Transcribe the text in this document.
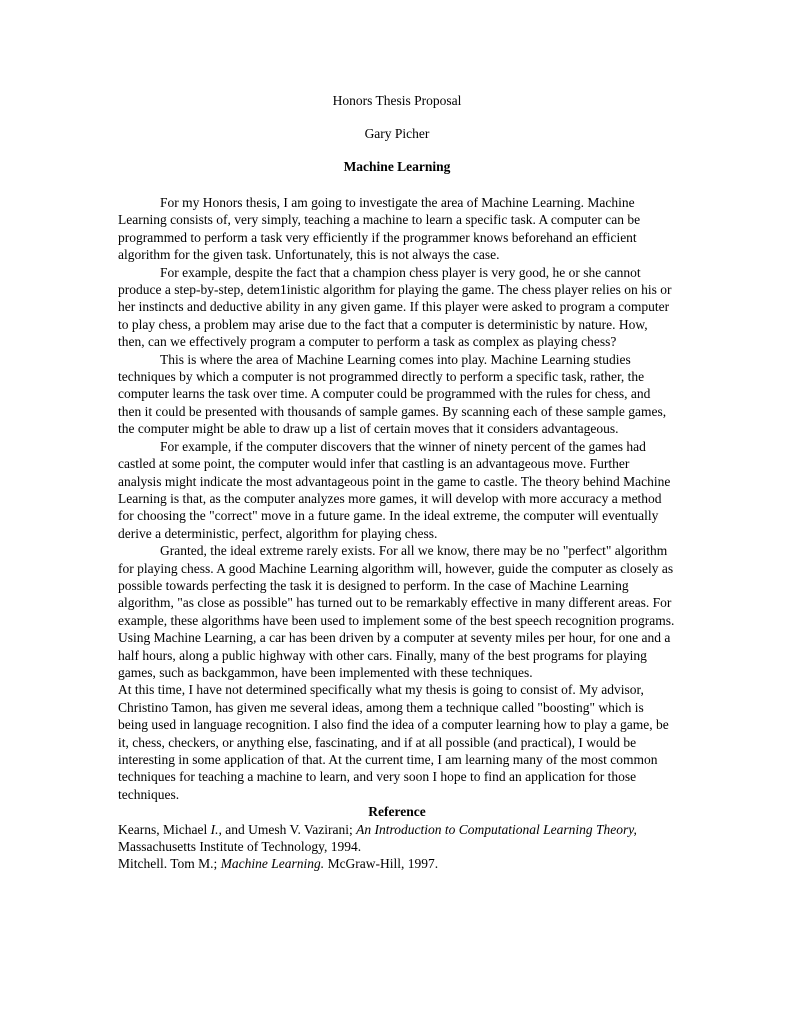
Honors Thesis Proposal

Gary Picher

Machine Learning

For my Honors thesis, I am going to investigate the area of Machine Learning. Machine Learning consists of, very simply, teaching a machine to learn a specific task. A computer can be programmed to perform a task very efficiently if the programmer knows beforehand an efficient algorithm for the given task. Unfortunately, this is not always the case.

For example, despite the fact that a champion chess player is very good, he or she cannot produce a step-by-step, detem1inistic algorithm for playing the game. The chess player relies on his or her instincts and deductive ability in any given game. If this player were asked to program a computer to play chess, a problem may arise due to the fact that a computer is deterministic by nature. How, then, can we effectively program a computer to perform a task as complex as playing chess?

This is where the area of Machine Learning comes into play. Machine Learning studies techniques by which a computer is not programmed directly to perform a specific task, rather, the computer learns the task over time. A computer could be programmed with the rules for chess, and then it could be presented with thousands of sample games. By scanning each of these sample games, the computer might be able to draw up a list of certain moves that it considers advantageous.

For example, if the computer discovers that the winner of ninety percent of the games had castled at some point, the computer would infer that castling is an advantageous move. Further analysis might indicate the most advantageous point in the game to castle. The theory behind Machine Learning is that, as the computer analyzes more games, it will develop with more accuracy a method for choosing the "correct" move in a future game. In the ideal extreme, the computer will eventually derive a deterministic, perfect, algorithm for playing chess.

Granted, the ideal extreme rarely exists. For all we know, there may be no "perfect" algorithm for playing chess. A good Machine Learning algorithm will, however, guide the computer as closely as possible towards perfecting the task it is designed to perform. In the case of Machine Learning algorithm, "as close as possible" has turned out to be remarkably effective in many different areas. For example, these algorithms have been used to implement some of the best speech recognition programs. Using Machine Learning, a car has been driven by a computer at seventy miles per hour, for one and a half hours, along a public highway with other cars. Finally, many of the best programs for playing games, such as backgammon, have been implemented with these techniques.

At this time, I have not determined specifically what my thesis is going to consist of. My advisor, Christino Tamon, has given me several ideas, among them a technique called "boosting" which is being used in language recognition. I also find the idea of a computer learning how to play a game, be it, chess, checkers, or anything else, fascinating, and if at all possible (and practical), I would be interesting in some application of that. At the current time, I am learning many of the most common techniques for teaching a machine to learn, and very soon I hope to find an application for those techniques.

Reference

Kearns, Michael I., and Umesh V. Vazirani; An Introduction to Computational Learning Theory,
Massachusetts Institute of Technology, 1994.

Mitchell. Tom M.; Machine Learning. McGraw-Hill, 1997.
